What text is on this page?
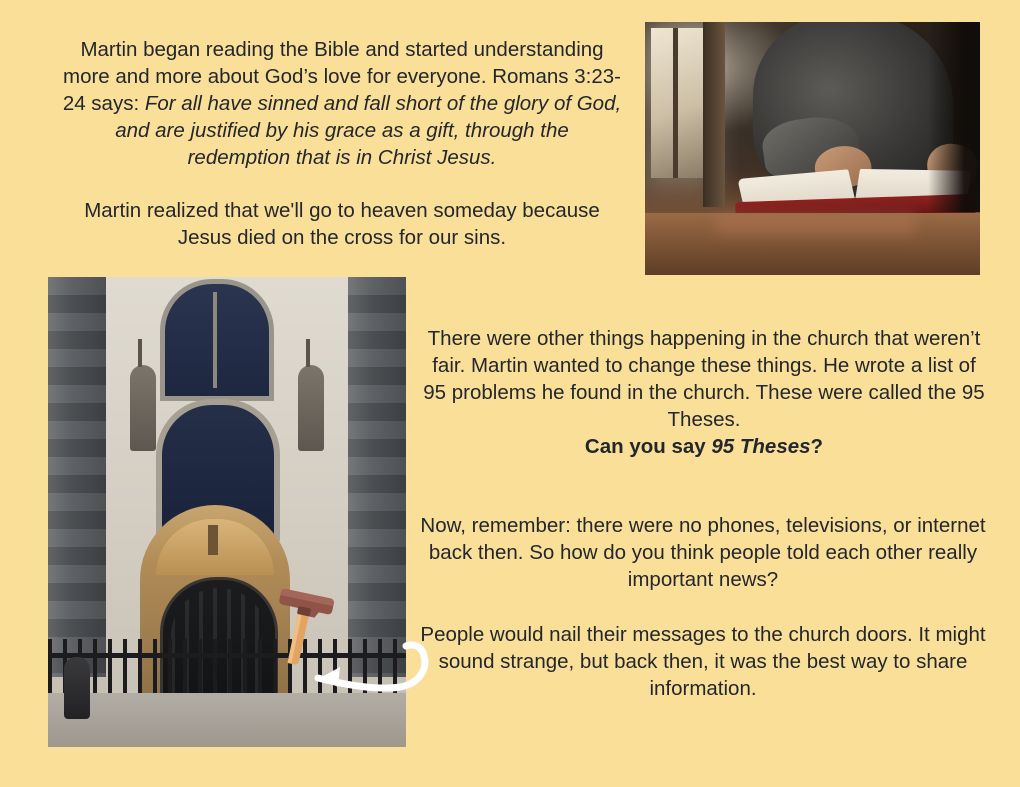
Martin began reading the Bible and started understanding more and more about God’s love for everyone. Romans 3:23-24 says: For all have sinned and fall short of the glory of God, and are justified by his grace as a gift, through the redemption that is in Christ Jesus.
Martin realized that we'll go to heaven someday because Jesus died on the cross for our sins.
There were other things happening in the church that weren’t fair. Martin wanted to change these things. He wrote a list of 95 problems he found in the church. These were called the 95 Theses.
Can you say 95 Theses?
Now, remember: there were no phones, televisions, or internet back then. So how do you think people told each other really important news?
People would nail their messages to the church doors. It might sound strange, but back then, it was the best way to share information.
